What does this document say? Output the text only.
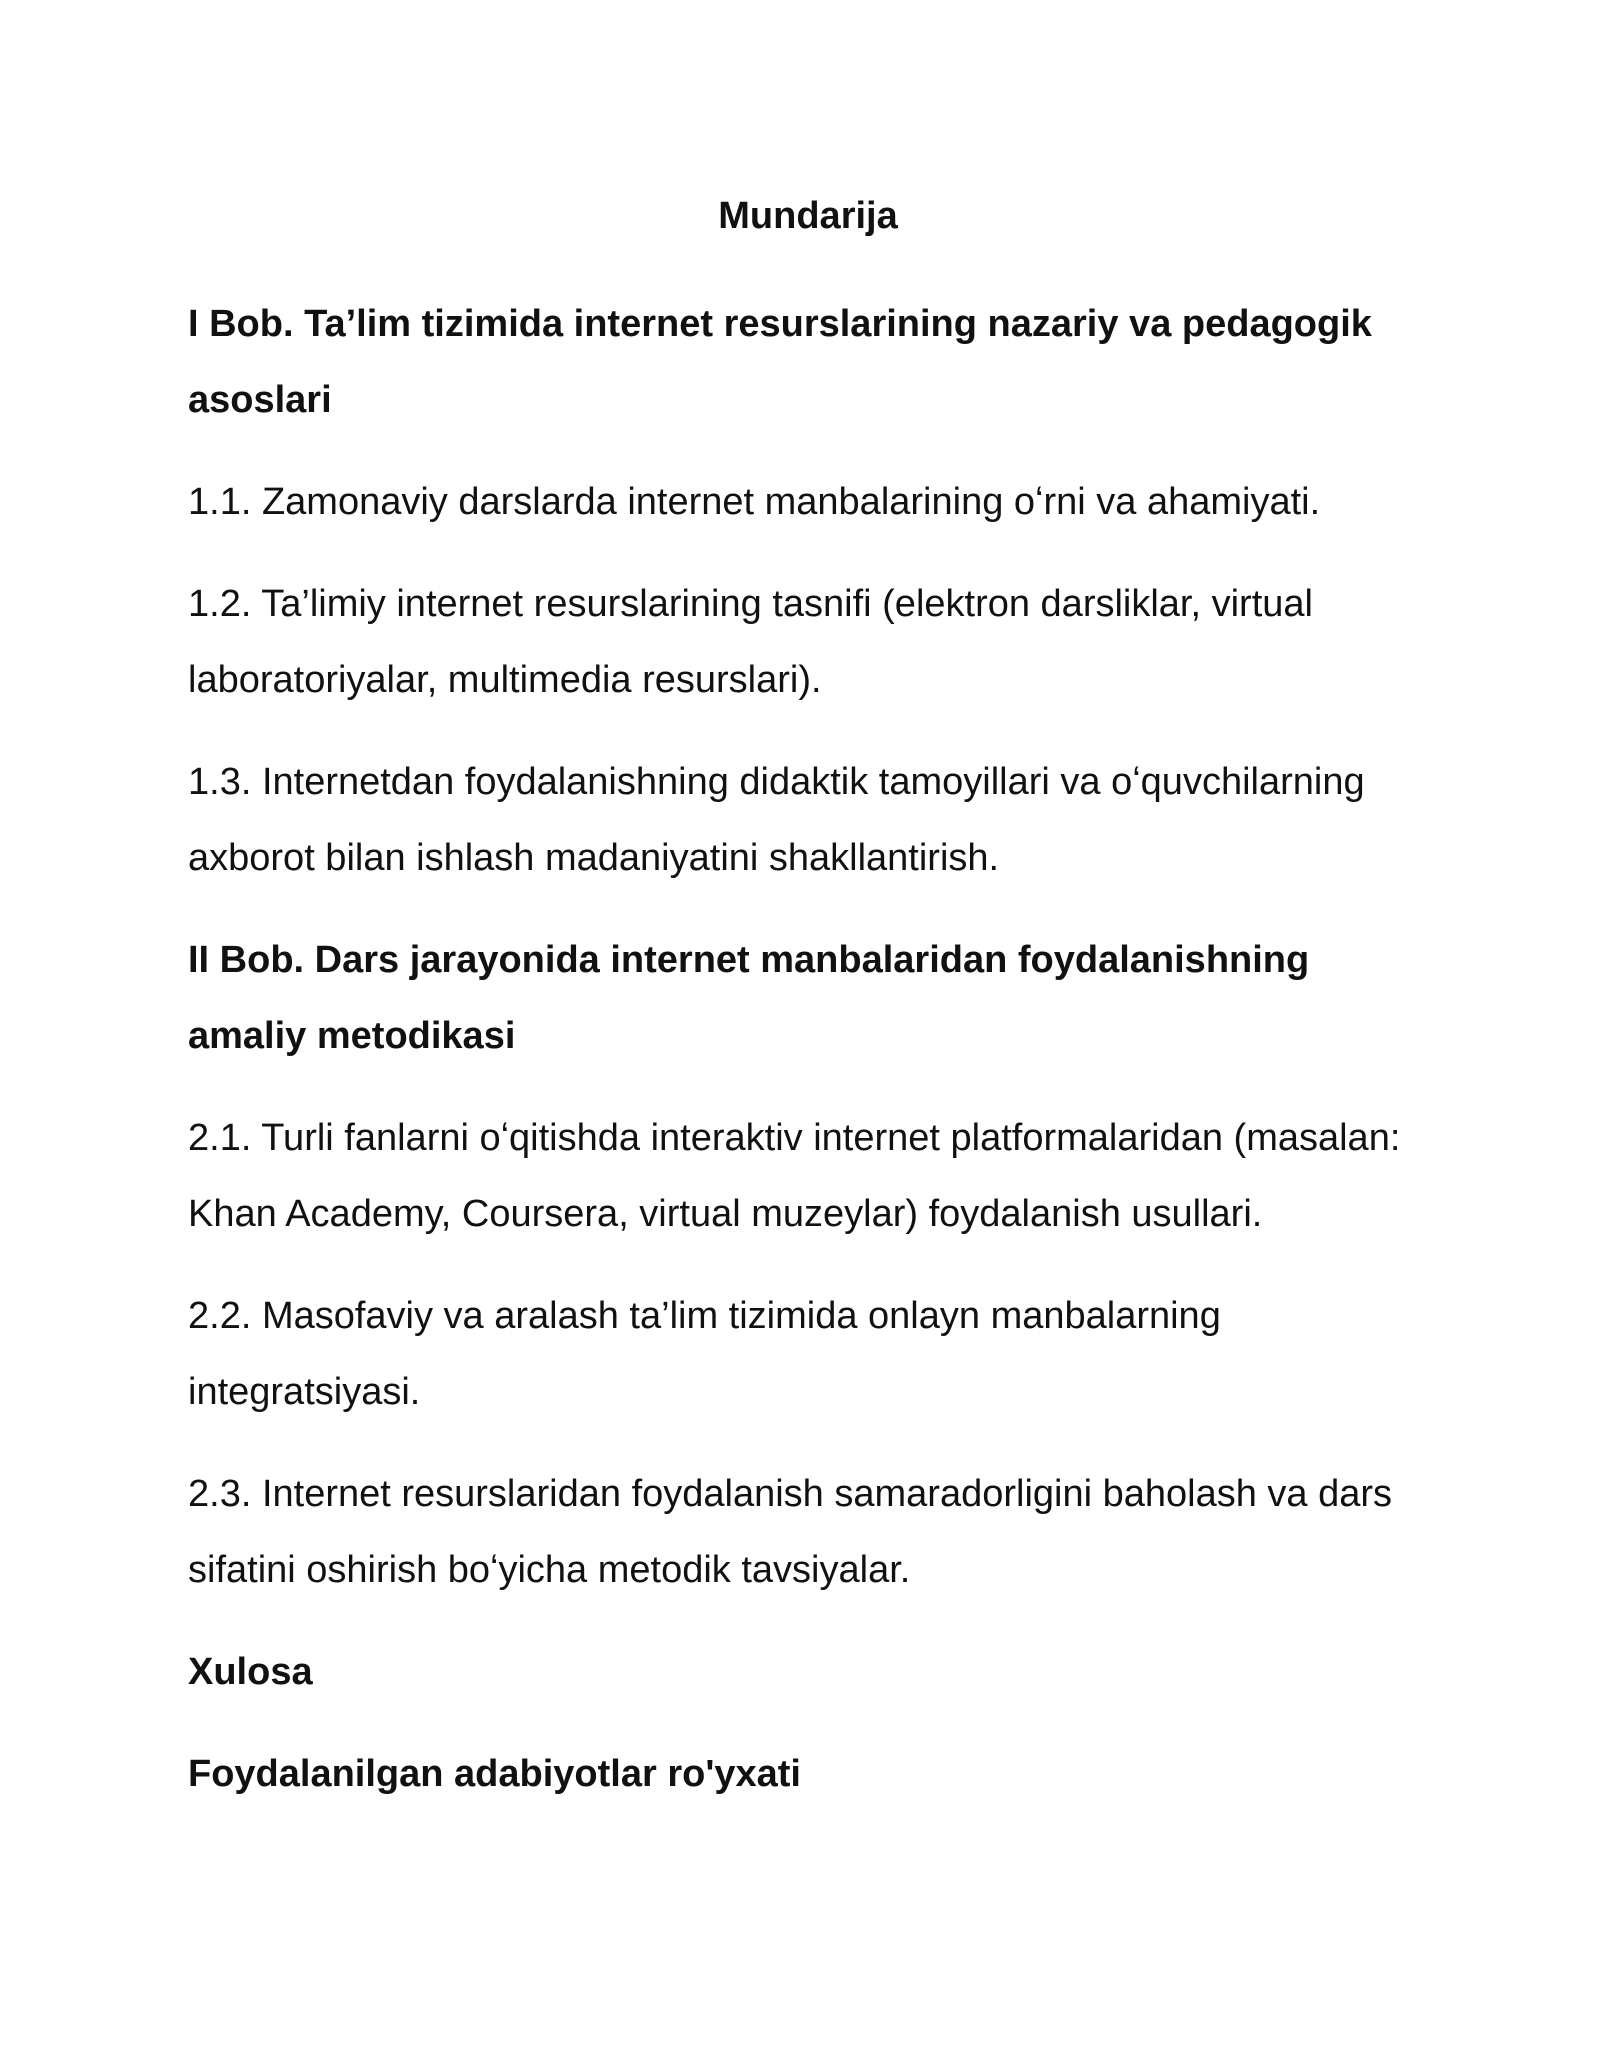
Mundarija
I Bob. Ta’lim tizimida internet resurslarining nazariy va pedagogik asoslari
1.1. Zamonaviy darslarda internet manbalarining oʻrni va ahamiyati.
1.2. Ta’limiy internet resurslarining tasnifi (elektron darsliklar, virtual laboratoriyalar, multimedia resurslari).
1.3. Internetdan foydalanishning didaktik tamoyillari va oʻquvchilarning axborot bilan ishlash madaniyatini shakllantirish.
II Bob. Dars jarayonida internet manbalaridan foydalanishning amaliy metodikasi
2.1. Turli fanlarni oʻqitishda interaktiv internet platformalaridan (masalan: Khan Academy, Coursera, virtual muzeylar) foydalanish usullari.
2.2. Masofaviy va aralash ta’lim tizimida onlayn manbalarning integratsiyasi.
2.3. Internet resurslaridan foydalanish samaradorligini baholash va dars sifatini oshirish boʻyicha metodik tavsiyalar.
Xulosa
Foydalanilgan adabiyotlar ro'yxati
